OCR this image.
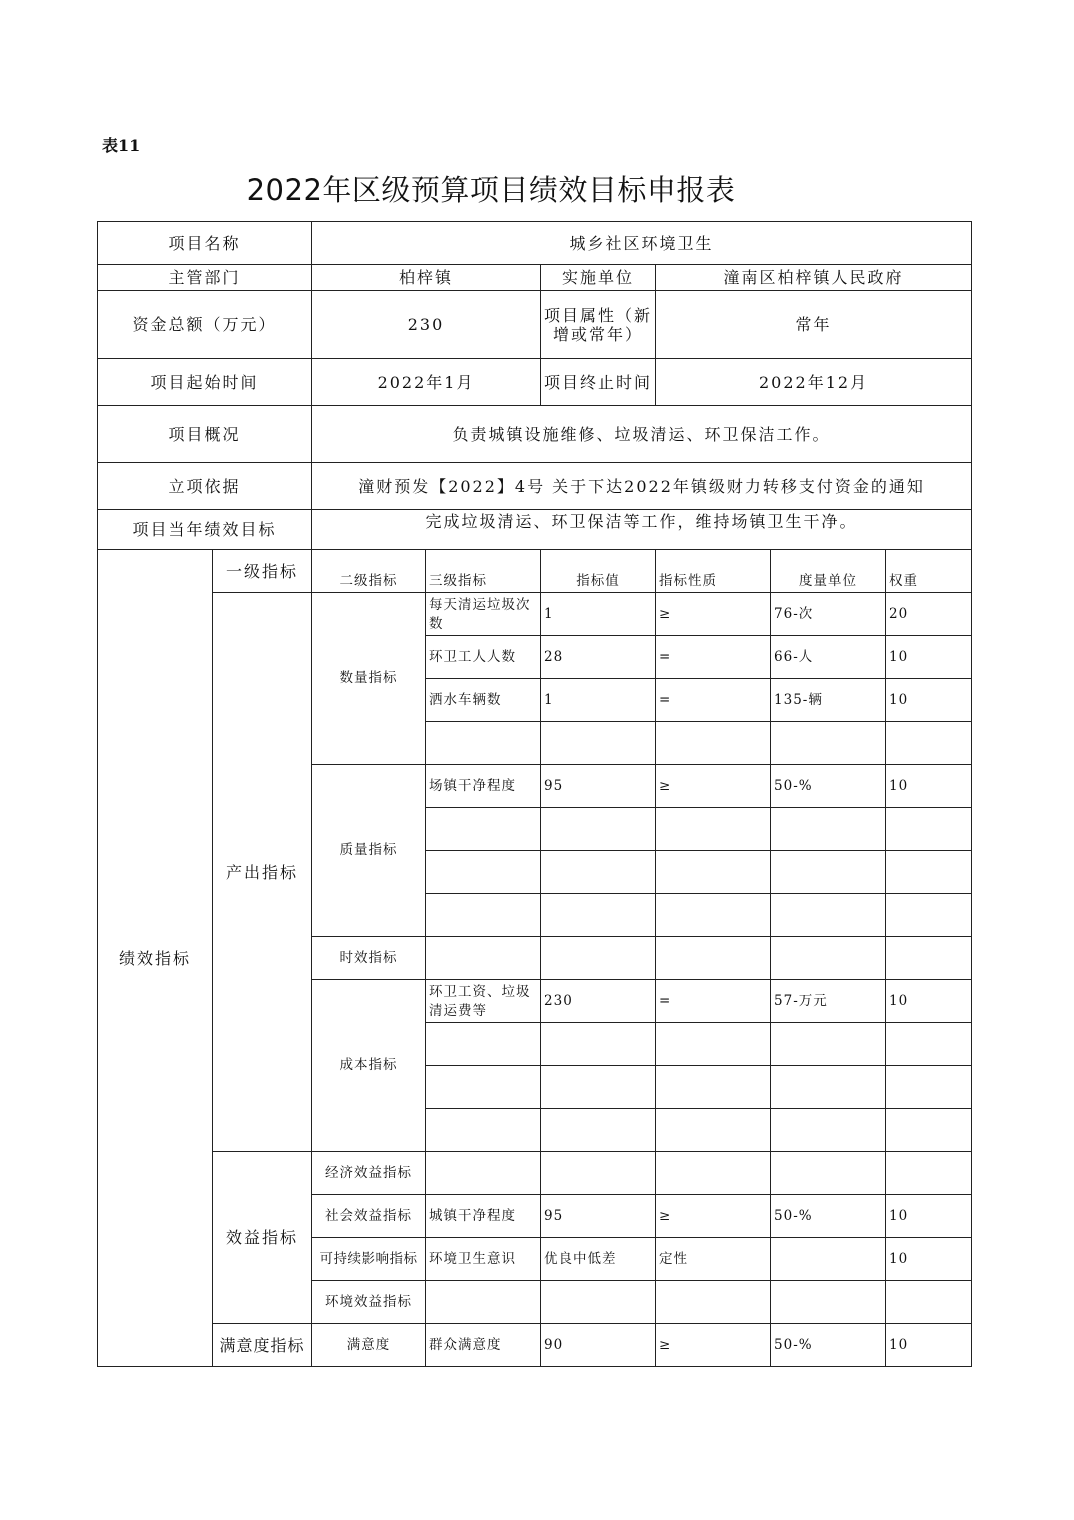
表11
2022年区级预算项目绩效目标申报表
项目名称		城乡社区环境卫生					
主管部门		柏梓镇		实施单位	潼南区柏梓镇人民政府		
资金总额（万元）		230		项目属性（新增或常年）	常年		
项目起始时间		2022年1月		项目终止时间	2022年12月		
项目概况		负责城镇设施维修、垃圾清运、环卫保洁工作。					
立项依据		潼财预发【2022】4号 关于下达2022年镇级财力转移支付资金的通知					
项目当年绩效目标		完成垃圾清运、环卫保洁等工作，维持场镇卫生干净。					
绩效指标	一级指标	二级指标	三级指标	指标值	指标性质	度量单位	权重
	产出指标	数量指标	每天清运垃圾次数	1	≥	76-次	20
			环卫工人人数	28	=	66-人	10
			洒水车辆数	1	=	135-辆	10

		质量指标	场镇干净程度	95	≥	50-%	10

		时效指标					
		成本指标	环卫工资、垃圾清运费等	230	=	57-万元	10

	效益指标	经济效益指标					
		社会效益指标	城镇干净程度	95	≥	50-%	10
		可持续影响指标	环境卫生意识	优良中低差	定性		10
		环境效益指标					
	满意度指标	满意度	群众满意度	90	≥	50-%	10
